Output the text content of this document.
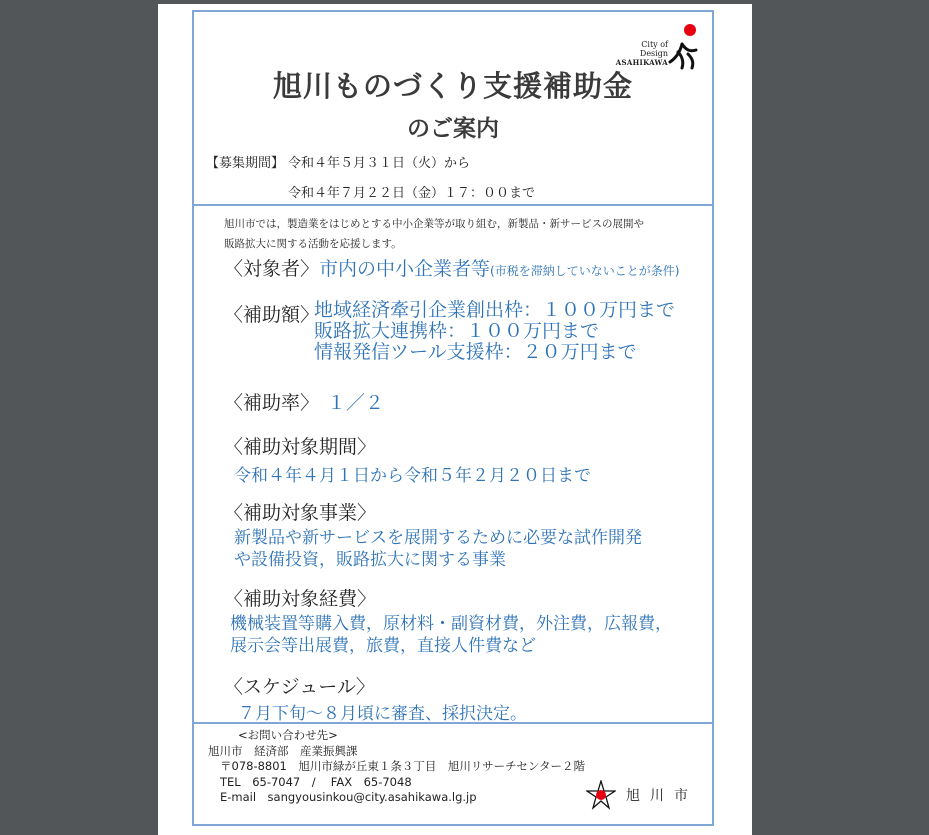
City of Design
ASAHIKAWA
旭川ものづくり支援補助金
のご案内
【募集期間】 令和４年５月３１日（火）から
令和４年７月２２日（金）１７：００まで
旭川市では，製造業をはじめとする中小企業等が取り組む，新製品・新サービスの展開や
販路拡大に関する活動を応援します。
〈対象者〉市内の中小企業者等(市税を滞納していないことが条件)
〈補助額〉
地域経済牽引企業創出枠：１００万円まで
販路拡大連携枠：１００万円まで
情報発信ツール支援枠：２０万円まで
〈補助率〉 １／２
〈補助対象期間〉
令和４年４月１日から令和５年２月２０日まで
〈補助対象事業〉
新製品や新サービスを展開するために必要な試作開発
や設備投資，販路拡大に関する事業
〈補助対象経費〉
機械装置等購入費，原材料・副資材費，外注費，広報費，
展示会等出展費，旅費，直接人件費など
〈スケジュール〉
７月下旬～８月頃に審査、採択決定。
<お問い合わせ先>
旭川市　経済部　産業振興課
〒078-8801　旭川市緑が丘東１条３丁目　旭川リサーチセンター２階
TEL　65-7047　/　 FAX　65-7048
E-mail　sangyousinkou@city.asahikawa.lg.jp	旭川市
